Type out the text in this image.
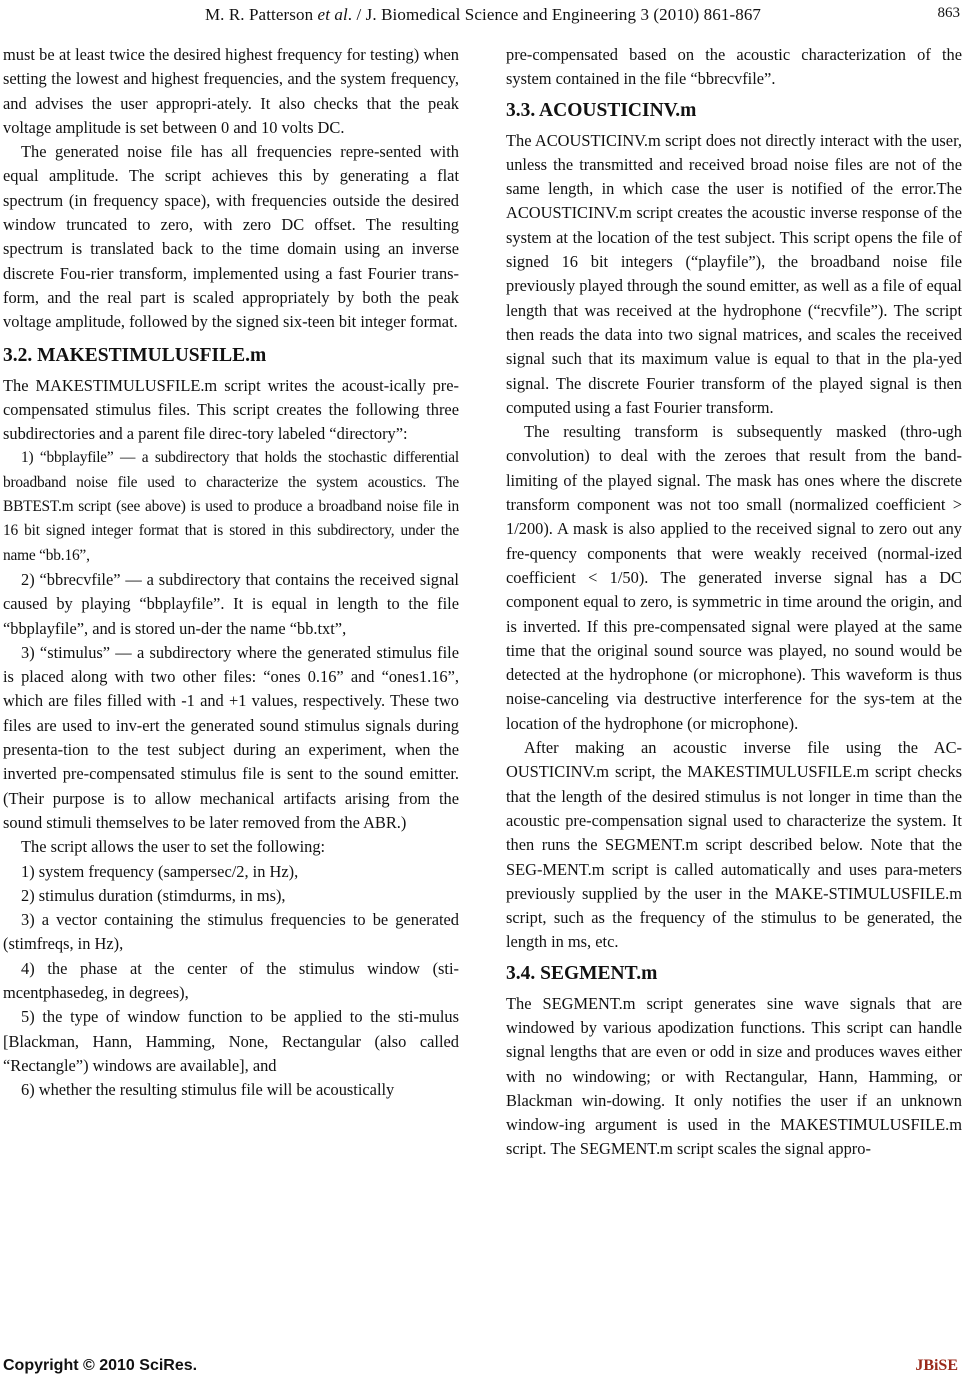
M. R. Patterson et al. / J. Biomedical Science and Engineering 3 (2010) 861-867	863

must be at least twice the desired highest frequency for testing) when setting the lowest and highest frequencies, and the system frequency, and advises the user appropri-ately. It also checks that the peak voltage amplitude is set between 0 and 10 volts DC.

The generated noise file has all frequencies repre-sented with equal amplitude. The script achieves this by generating a flat spectrum (in frequency space), with frequencies outside the desired window truncated to zero, with zero DC offset. The resulting spectrum is translated back to the time domain using an inverse discrete Fou-rier transform, implemented using a fast Fourier trans-form, and the real part is scaled appropriately by both the peak voltage amplitude, followed by the signed six-teen bit integer format.

3.2. MAKESTIMULUSFILE.m

The MAKESTIMULUSFILE.m script writes the acoust-ically pre-compensated stimulus files. This script creates the following three subdirectories and a parent file direc-tory labeled “directory”:

1) “bbplayfile” — a subdirectory that holds the stochastic differential broadband noise file used to characterize the system acoustics. The BBTEST.m script (see above) is used to produce a broadband noise file in 16 bit signed integer format that is stored in this subdirectory, under the name “bb.16”,

2) “bbrecvfile” — a subdirectory that contains the received signal caused by playing “bbplayfile”. It is equal in length to the file “bbplayfile”, and is stored un-der the name “bb.txt”,

3) “stimulus” — a subdirectory where the generated stimulus file is placed along with two other files: “ones 0.16” and “ones1.16”, which are files filled with -1 and +1 values, respectively. These two files are used to inv-ert the generated sound stimulus signals during presenta-tion to the test subject during an experiment, when the inverted pre-compensated stimulus file is sent to the sound emitter. (Their purpose is to allow mechanical artifacts arising from the sound stimuli themselves to be later removed from the ABR.)

The script allows the user to set the following:

1) system frequency (sampersec/2, in Hz),

2) stimulus duration (stimdurms, in ms),

3) a vector containing the stimulus frequencies to be generated (stimfreqs, in Hz),

4) the phase at the center of the stimulus window (sti-mcentphasedeg, in degrees),

5) the type of window function to be applied to the sti-mulus [Blackman, Hann, Hamming, None, Rectangular (also called “Rectangle”) windows are available], and

6) whether the resulting stimulus file will be acoustically

pre-compensated based on the acoustic characterization of the system contained in the file “bbrecvfile”.

3.3. ACOUSTICINV.m

The ACOUSTICINV.m script does not directly interact with the user, unless the transmitted and received broad noise files are not of the same length, in which case the user is notified of the error.The ACOUSTICINV.m script creates the acoustic inverse response of the system at the location of the test subject. This script opens the file of signed 16 bit integers (“playfile”), the broadband noise file previously played through the sound emitter, as well as a file of equal length that was received at the hydrophone (“recvfile”). The script then reads the data into two signal matrices, and scales the received signal such that its maximum value is equal to that in the pla-yed signal. The discrete Fourier transform of the played signal is then computed using a fast Fourier transform.

The resulting transform is subsequently masked (thro-ugh convolution) to deal with the zeroes that result from the band-limiting of the played signal. The mask has ones where the discrete transform component was not too small (normalized coefficient > 1/200). A mask is also applied to the received signal to zero out any fre-quency components that were weakly received (normal-ized coefficient < 1/50). The generated inverse signal has a DC component equal to zero, is symmetric in time around the origin, and is inverted. If this pre-compensated signal were played at the same time that the original sound source was played, no sound would be detected at the hydrophone (or microphone). This waveform is thus noise-canceling via destructive interference for the sys-tem at the location of the hydrophone (or microphone).

After making an acoustic inverse file using the AC-OUSTICINV.m script, the MAKESTIMULUSFILE.m script checks that the length of the desired stimulus is not longer in time than the acoustic pre-compensation signal used to characterize the system. It then runs the SEGMENT.m script described below. Note that the SEG-MENT.m script is called automatically and uses para-meters previously supplied by the user in the MAKE-STIMULUSFILE.m script, such as the frequency of the stimulus to be generated, the length in ms, etc.

3.4. SEGMENT.m

The SEGMENT.m script generates sine wave signals that are windowed by various apodization functions. This script can handle signal lengths that are even or odd in size and produces waves either with no windowing; or with Rectangular, Hann, Hamming, or Blackman win-dowing. It only notifies the user if an unknown window-ing argument is used in the MAKESTIMULUSFILE.m script. The SEGMENT.m script scales the signal appro-

Copyright © 2010 SciRes.	JBiSE
